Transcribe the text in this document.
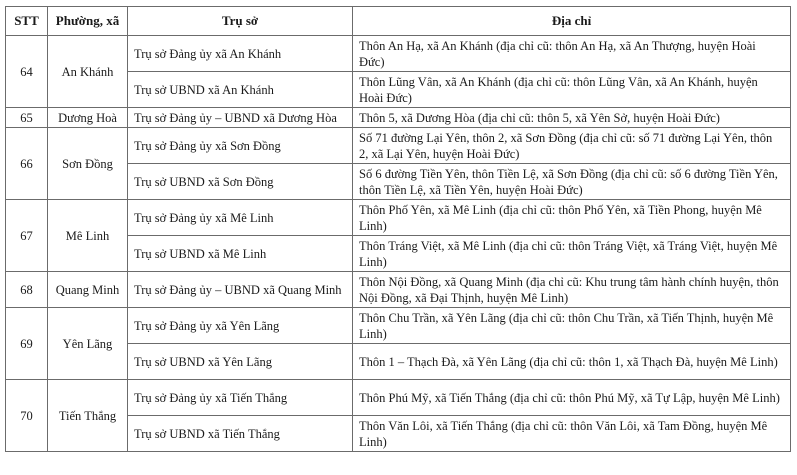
STT	Phường, xã	Trụ sở	Địa chỉ
64	An Khánh	Trụ sở Đảng ủy xã An Khánh	Thôn An Hạ, xã An Khánh (địa chỉ cũ: thôn An Hạ, xã An Thượng, huyện Hoài Đức)
		Trụ sở UBND xã An Khánh	Thôn Lũng Vân, xã An Khánh (địa chỉ cũ: thôn Lũng Vân, xã An Khánh, huyện Hoài Đức)
65	Dương Hoà	Trụ sở Đảng ủy – UBND xã Dương Hòa	Thôn 5, xã Dương Hòa (địa chỉ cũ: thôn 5, xã Yên Sở, huyện Hoài Đức)
66	Sơn Đồng	Trụ sở Đảng ủy xã Sơn Đồng	Số 71 đường Lại Yên, thôn 2, xã Sơn Đồng (địa chỉ cũ: số 71 đường Lại Yên, thôn 2, xã Lại Yên, huyện Hoài Đức)
		Trụ sở UBND xã Sơn Đồng	Số 6 đường Tiền Yên, thôn Tiền Lệ, xã Sơn Đồng (địa chỉ cũ: số 6 đường Tiền Yên, thôn Tiền Lệ, xã Tiền Yên, huyện Hoài Đức)
67	Mê Linh	Trụ sở Đảng ủy xã Mê Linh	Thôn Phố Yên, xã Mê Linh (địa chỉ cũ: thôn Phố Yên, xã Tiền Phong, huyện Mê Linh)
		Trụ sở UBND xã Mê Linh	Thôn Tráng Việt, xã Mê Linh (địa chỉ cũ: thôn Tráng Việt, xã Tráng Việt, huyện Mê Linh)
68	Quang Minh	Trụ sở Đảng ủy – UBND xã Quang Minh	Thôn Nội Đồng, xã Quang Minh (địa chỉ cũ: Khu trung tâm hành chính huyện, thôn Nội Đồng, xã Đại Thịnh, huyện Mê Linh)
69	Yên Lãng	Trụ sở Đảng ủy xã Yên Lãng	Thôn Chu Trần, xã Yên Lãng (địa chỉ cũ: thôn Chu Trần, xã Tiến Thịnh, huyện Mê Linh)
		Trụ sở UBND xã Yên Lãng	Thôn 1 – Thạch Đà, xã Yên Lãng (địa chỉ cũ: thôn 1, xã Thạch Đà, huyện Mê Linh)
70	Tiến Thắng	Trụ sở Đảng ủy xã Tiến Thắng	Thôn Phú Mỹ, xã Tiến Thắng (địa chỉ cũ: thôn Phú Mỹ, xã Tự Lập, huyện Mê Linh)
		Trụ sở UBND xã Tiến Thắng	Thôn Văn Lôi, xã Tiến Thắng (địa chỉ cũ: thôn Văn Lôi, xã Tam Đồng, huyện Mê Linh)
